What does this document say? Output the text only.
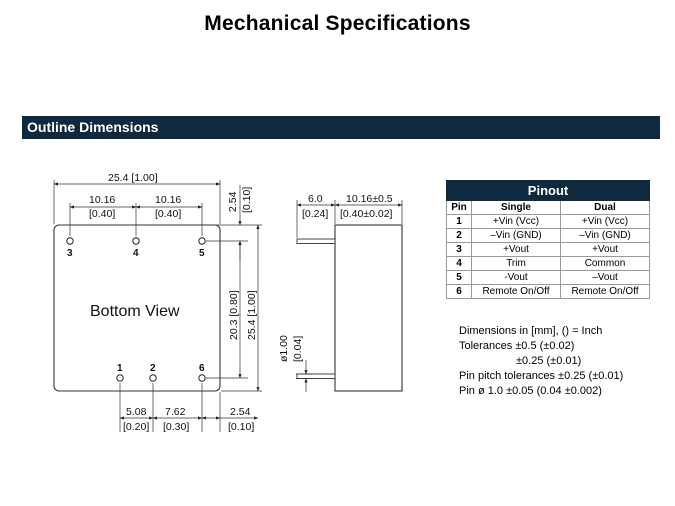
Mechanical Specifications
Outline Dimensions
Bottom View
3	4	5
1	2	6
25.4 [1.00]
10.16
[0.40]
10.16
[0.40]
2.54 [0.10]
20.3 [0.80] 25.4 [1.00]
5.08
[0.20]
7.62
[0.30]
2.54
[0.10]
6.0
[0.24]
10.16±0.5
[0.40±0.02]
ø1.00 [0.04]
Pinout		
Pin	Single	Dual
1	+Vin (Vcc)	+Vin (Vcc)
2	–Vin (GND)	–Vin (GND)
3	+Vout	+Vout
4	Trim	Common
5	-Vout	–Vout
6	Remote On/Off	Remote On/Off
Dimensions in [mm], () = Inch
Tolerances ±0.5 (±0.02)
±0.25 (±0.01)
Pin pitch tolerances ±0.25 (±0.01)
Pin ø 1.0 ±0.05 (0.04 ±0.002)
